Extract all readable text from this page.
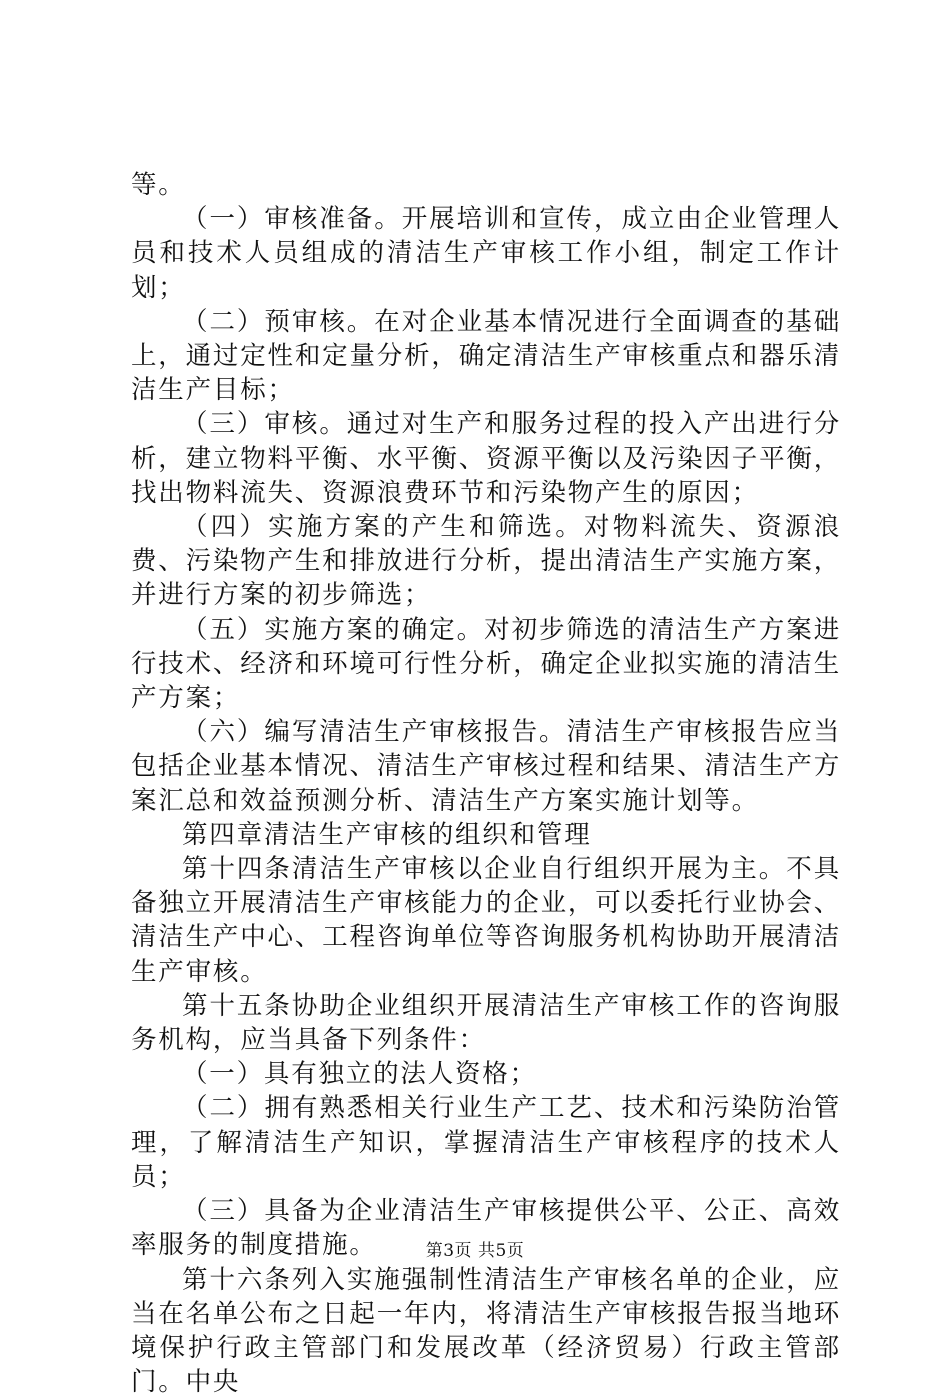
等。

（一）审核准备。开展培训和宣传，成立由企业管理人员和技术人员组成的清洁生产审核工作小组，制定工作计划；

（二）预审核。在对企业基本情况进行全面调查的基础上，通过定性和定量分析，确定清洁生产审核重点和器乐清洁生产目标；

（三）审核。通过对生产和服务过程的投入产出进行分析，建立物料平衡、水平衡、资源平衡以及污染因子平衡，找出物料流失、资源浪费环节和污染物产生的原因；

（四）实施方案的产生和筛选。对物料流失、资源浪费、污染物产生和排放进行分析，提出清洁生产实施方案，并进行方案的初步筛选；

（五）实施方案的确定。对初步筛选的清洁生产方案进行技术、经济和环境可行性分析，确定企业拟实施的清洁生产方案；

（六）编写清洁生产审核报告。清洁生产审核报告应当包括企业基本情况、清洁生产审核过程和结果、清洁生产方案汇总和效益预测分析、清洁生产方案实施计划等。

第四章清洁生产审核的组织和管理

第十四条清洁生产审核以企业自行组织开展为主。不具备独立开展清洁生产审核能力的企业，可以委托行业协会、清洁生产中心、工程咨询单位等咨询服务机构协助开展清洁生产审核。

第十五条协助企业组织开展清洁生产审核工作的咨询服务机构，应当具备下列条件：

（一）具有独立的法人资格；

（二）拥有熟悉相关行业生产工艺、技术和污染防治管理，了解清洁生产知识，掌握清洁生产审核程序的技术人员；

（三）具备为企业清洁生产审核提供公平、公正、高效率服务的制度措施。

第十六条列入实施强制性清洁生产审核名单的企业，应当在名单公布之日起一年内，将清洁生产审核报告报当地环境保护行政主管部门和发展改革（经济贸易）行政主管部门。中央

第3页 共5页
